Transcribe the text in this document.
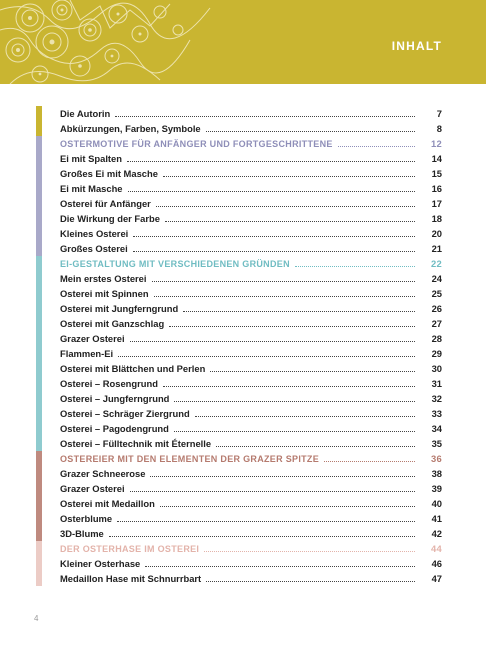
INHALT
Die Autorin	7
Abkürzungen, Farben, Symbole	8
OSTERMOTIVE FÜR ANFÄNGER UND FORTGESCHRITTENE	12
Ei mit Spalten	14
Großes Ei mit Masche	15
Ei mit Masche	16
Osterei für Anfänger	17
Die Wirkung der Farbe	18
Kleines Osterei	20
Großes Osterei	21
EI-GESTALTUNG MIT VERSCHIEDENEN GRÜNDEN	22
Mein erstes Osterei	24
Osterei mit Spinnen	25
Osterei mit Jungferngrund	26
Osterei mit Ganzschlag	27
Grazer Osterei	28
Flammen-Ei	29
Osterei mit Blättchen und Perlen	30
Osterei – Rosengrund	31
Osterei – Jungferngrund	32
Osterei – Schräger Ziergrund	33
Osterei – Pagodengrund	34
Osterei – Fülltechnik mit Éternelle	35
OSTEREIER MIT DEN ELEMENTEN DER GRAZER SPITZE	36
Grazer Schneerose	38
Grazer Osterei	39
Osterei mit Medaillon	40
Osterblume	41
3D-Blume	42
DER OSTERHASE IM OSTEREI	44
Kleiner Osterhase	46
Medaillon Hase mit Schnurrbart	47
4
